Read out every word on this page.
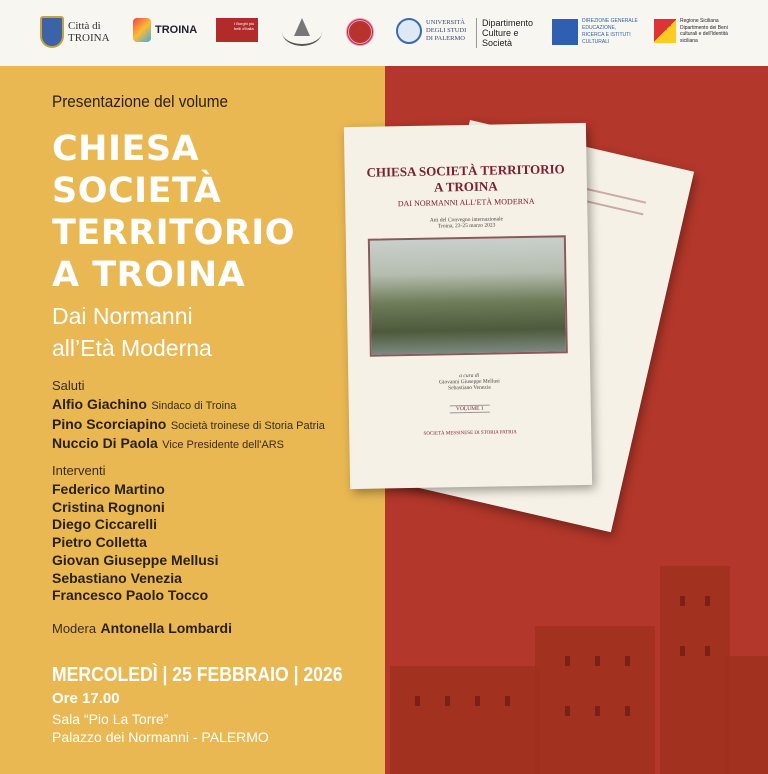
Città di TROINA
TROINA
I Borghi più belli d'Italia
UNIVERSITÀ DEGLI STUDI DI PALERMO
Dipartimento Culture e Società
DIREZIONE GENERALE EDUCAZIONE, RICERCA E ISTITUTI CULTURALI
Regione Siciliana Dipartimento dei Beni culturali e dell'Identità siciliana
Presentazione del volume
CHIESA
SOCIETÀ
TERRITORIO
A TROINA
Dai Normanni
all’Età Moderna
Saluti
Alfio Giachino Sindaco di Troina
Pino Scorciapino Società troinese di Storia Patria
Nuccio Di Paola Vice Presidente dell'ARS
Interventi
Federico Martino
Cristina Rognoni
Diego Ciccarelli
Pietro Colletta
Giovan Giuseppe Mellusi
Sebastiano Venezia
Francesco Paolo Tocco
Modera Antonella Lombardi
MERCOLEDÌ | 25 FEBBRAIO | 2026
Ore 17.00
Sala “Pio La Torre”
Palazzo dei Normanni - PALERMO
CHIESA SOCIETÀ TERRITORIO
A TROINA
DAI NORMANNI ALL'ETÀ MODERNA
Atti del Convegno internazionale
Troina, 23-25 marzo 2023
a cura di
Giovanni Giuseppe Mellusi
Sebastiano Venezia
VOLUME 1
SOCIETÀ MESSINESE DI STORIA PATRIA
